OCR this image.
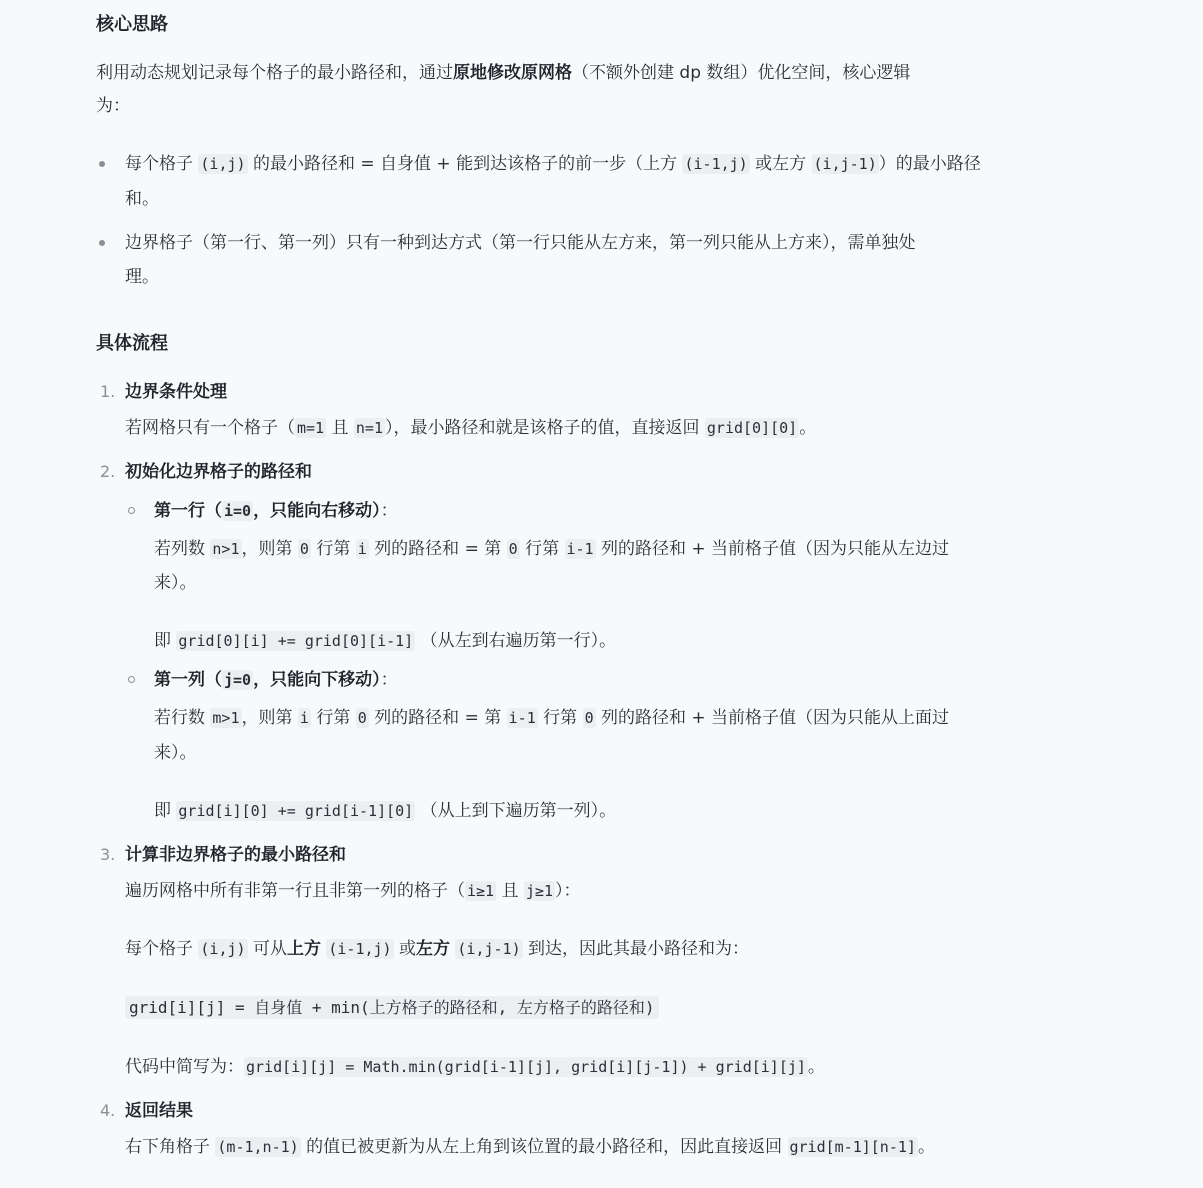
核心思路
利用动态规划记录每个格子的最小路径和，通过原地修改原网格（不额外创建 dp 数组）优化空间，核心逻辑
为：
每个格子 (i,j) 的最小路径和 = 自身值 + 能到达该格子的前一步（上方 (i-1,j) 或左方 (i,j-1) ）的最小路径
和。
边界格子（第一行、第一列）只有一种到达方式（第一行只能从左方来，第一列只能从上方来），需单独处
理。
具体流程
1. 边界条件处理
若网格只有一个格子（ m=1 且 n=1 ），最小路径和就是该格子的值，直接返回 grid[0][0] 。
2. 初始化边界格子的路径和
第一行（ i=0 ，只能向右移动）：
若列数 n>1 ，则第 0 行第 i 列的路径和 = 第 0 行第 i-1 列的路径和 + 当前格子值（因为只能从左边过
来）。
即 grid[0][i] += grid[0][i-1] （从左到右遍历第一行）。
第一列（ j=0 ，只能向下移动）：
若行数 m>1 ，则第 i 行第 0 列的路径和 = 第 i-1 行第 0 列的路径和 + 当前格子值（因为只能从上面过
来）。
即 grid[i][0] += grid[i-1][0] （从上到下遍历第一列）。
3. 计算非边界格子的最小路径和
遍历网格中所有非第一行且非第一列的格子（ i≥1 且 j≥1 ）：
每个格子 (i,j) 可从上方 (i-1,j) 或左方 (i,j-1) 到达，因此其最小路径和为：
grid[i][j] = 自身值 + min(上方格子的路径和, 左方格子的路径和)
代码中简写为： grid[i][j] = Math.min(grid[i-1][j], grid[i][j-1]) + grid[i][j] 。
4. 返回结果
右下角格子 (m-1,n-1) 的值已被更新为从左上角到该位置的最小路径和，因此直接返回 grid[m-1][n-1] 。
